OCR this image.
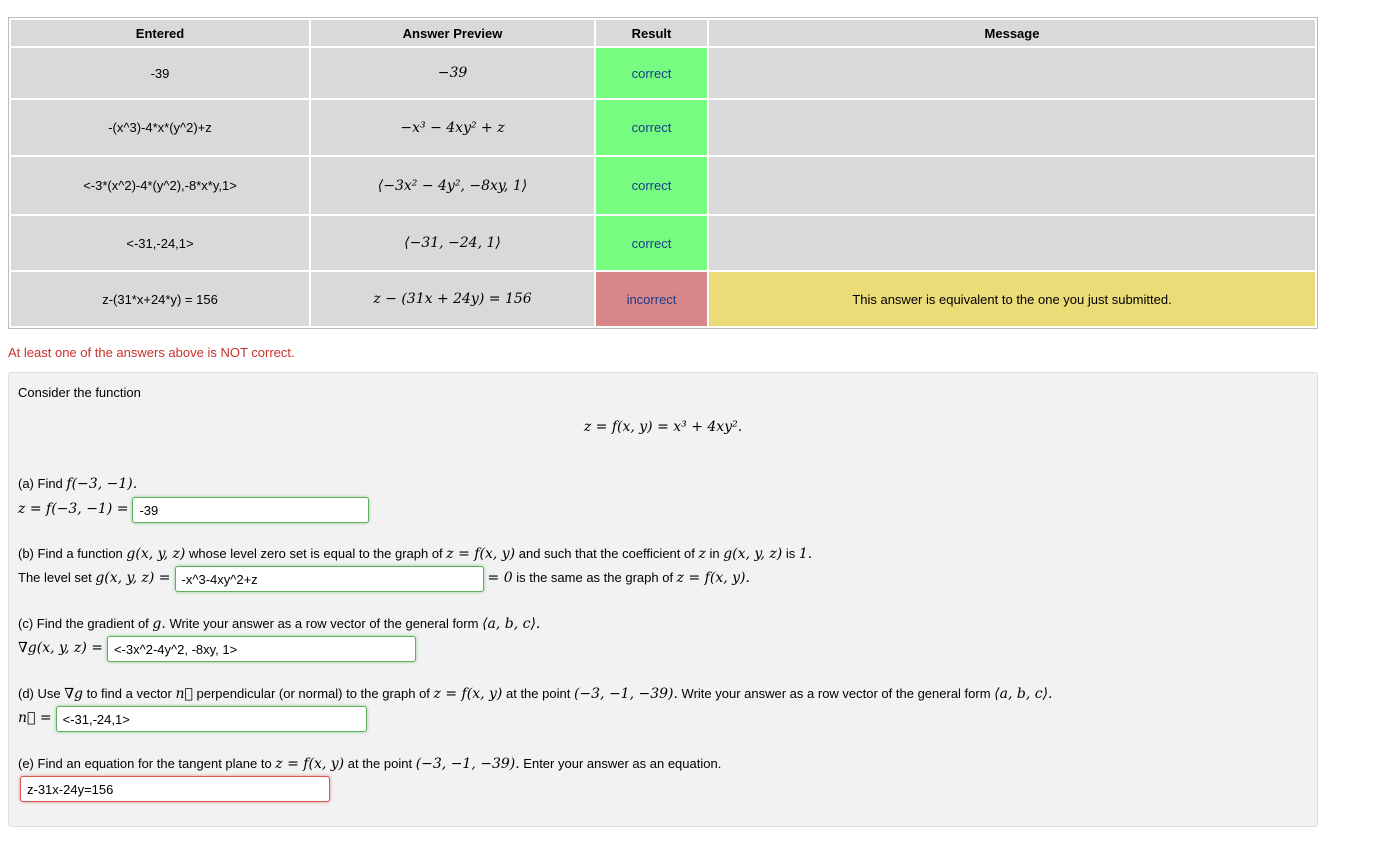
Entered	Answer Preview	Result	Message
-39	−39	correct	
-(x^3)-4*x*(y^2)+z	−x³ − 4xy² + z	correct	
<-3*(x^2)-4*(y^2),-8*x*y,1>	⟨−3x² − 4y², −8xy, 1⟩	correct	
<-31,-24,1>	⟨−31, −24, 1⟩	correct	
z-(31*x+24*y) = 156	z − (31x + 24y) = 156	incorrect	This answer is equivalent to the one you just submitted.
At least one of the answers above is NOT correct.
Consider the function
z = f(x, y) = x³ + 4xy².
(a) Find f(−3, −1).
z = f(−3, −1) = -39
(b) Find a function g(x, y, z) whose level zero set is equal to the graph of z = f(x, y) and such that the coefficient of z in g(x, y, z) is 1.
The level set g(x, y, z) = -x^3-4xy^2+z	= 0 is the same as the graph of z = f(x, y).
(c) Find the gradient of g. Write your answer as a row vector of the general form ⟨a, b, c⟩.
∇g(x, y, z) = <-3x^2-4y^2, -8xy, 1>
(d) Use ∇g to find a vector n⃗ perpendicular (or normal) to the graph of z = f(x, y) at the point (−3, −1, −39). Write your answer as a row vector of the general form ⟨a, b, c⟩.
n⃗ = <-31,-24,1>
(e) Find an equation for the tangent plane to z = f(x, y) at the point (−3, −1, −39). Enter your answer as an equation.
z-31x-24y=156
